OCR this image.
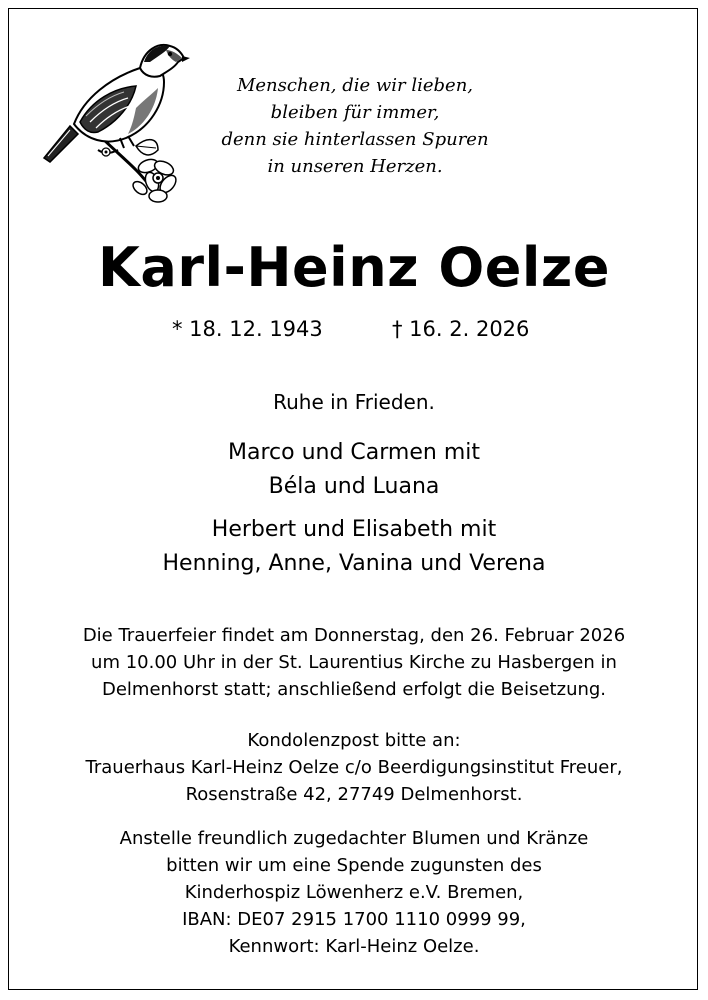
Menschen, die wir lieben,
bleiben für immer,
denn sie hinterlassen Spuren
in unseren Herzen.
Karl-Heinz Oelze
* 18. 12. 1943	† 16. 2. 2026
Ruhe in Frieden.
Marco und Carmen mit
Béla und Luana
Herbert und Elisabeth mit
Henning, Anne, Vanina und Verena
Die Trauerfeier findet am Donnerstag, den 26. Februar 2026
um 10.00 Uhr in der St. Laurentius Kirche zu Hasbergen in
Delmenhorst statt; anschließend erfolgt die Beisetzung.
Kondolenzpost bitte an:
Trauerhaus Karl-Heinz Oelze c/o Beerdigungsinstitut Freuer,
Rosenstraße 42, 27749 Delmenhorst.
Anstelle freundlich zugedachter Blumen und Kränze
bitten wir um eine Spende zugunsten des
Kinderhospiz Löwenherz e.V. Bremen,
IBAN: DE07 2915 1700 1110 0999 99,
Kennwort: Karl-Heinz Oelze.
